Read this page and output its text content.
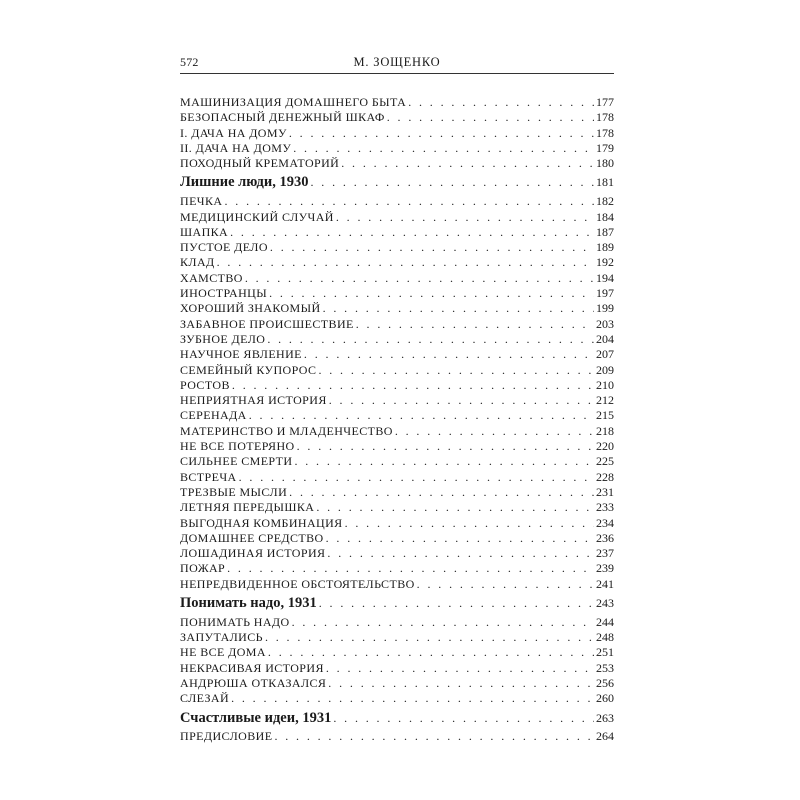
572	М. ЗОЩЕНКО
МАШИНИЗАЦИЯ ДОМАШНЕГО БЫТА . . .	177
БЕЗОПАСНЫЙ ДЕНЕЖНЫЙ ШКАФ . . .	178
I. ДАЧА НА ДОМУ . . .	178
II. ДАЧА НА ДОМУ . . .	179
ПОХОДНЫЙ КРЕМАТОРИЙ . . .	180
Лишние люди, 1930 . . .	181
ПЕЧКА . . .	182
МЕДИЦИНСКИЙ СЛУЧАЙ . . .	184
ШАПКА . . .	187
ПУСТОЕ ДЕЛО . . .	189
КЛАД . . .	192
ХАМСТВО . . .	194
ИНОСТРАНЦЫ . . .	197
ХОРОШИЙ ЗНАКОМЫЙ . . .	199
ЗАБАВНОЕ ПРОИСШЕСТВИЕ . . .	203
ЗУБНОЕ ДЕЛО . . .	204
НАУЧНОЕ ЯВЛЕНИЕ . . .	207
СЕМЕЙНЫЙ КУПОРОС . . .	209
РОСТОВ . . .	210
НЕПРИЯТНАЯ ИСТОРИЯ . . .	212
СЕРЕНАДА . . .	215
МАТЕРИНСТВО И МЛАДЕНЧЕСТВО . . .	218
НЕ ВСЕ ПОТЕРЯНО . . .	220
СИЛЬНЕЕ СМЕРТИ . . .	225
ВСТРЕЧА . . .	228
ТРЕЗВЫЕ МЫСЛИ . . .	231
ЛЕТНЯЯ ПЕРЕДЫШКА . . .	233
ВЫГОДНАЯ КОМБИНАЦИЯ . . .	234
ДОМАШНЕЕ СРЕДСТВО . . .	236
ЛОШАДИНАЯ ИСТОРИЯ . . .	237
ПОЖАР . . .	239
НЕПРЕДВИДЕННОЕ ОБСТОЯТЕЛЬСТВО . . .	241
Понимать надо, 1931 . . .	243
ПОНИМАТЬ НАДО . . .	244
ЗАПУТАЛИСЬ . . .	248
НЕ ВСЕ ДОМА . . .	251
НЕКРАСИВАЯ ИСТОРИЯ . . .	253
АНДРЮША ОТКАЗАЛСЯ . . .	256
СЛЕЗАЙ . . .	260
Счастливые идеи, 1931 . . .	263
ПРЕДИСЛОВИЕ . . .	264
